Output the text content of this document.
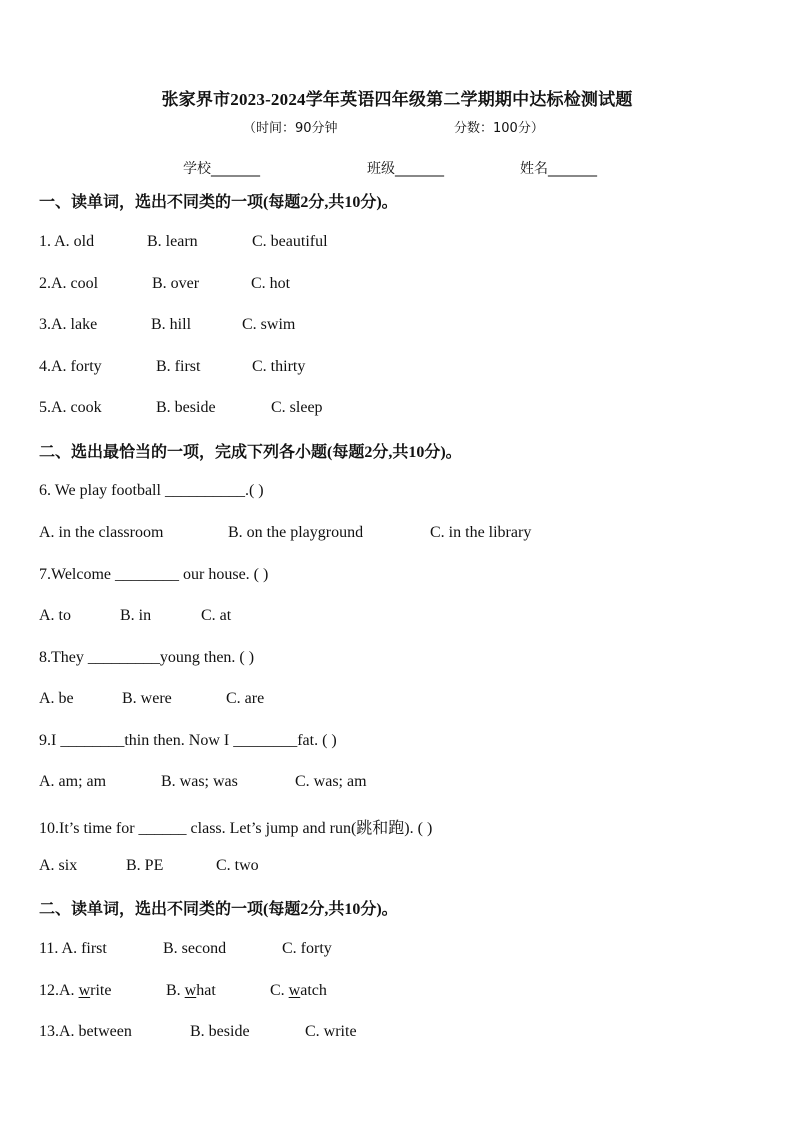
张家界市2023-2024学年英语四年级第二学期期中达标检测试题
（时间：90分钟	分数：100分）
学校_______	班级_______	姓名_______
一、读单词，选出不同类的一项(每题2分,共10分)。
1. A. old	B. learn	C. beautiful
2.A. cool	B. over	C. hot
3.A. lake	B. hill	C. swim
4.A. forty	B. first	C. thirty
5.A. cook	B. beside	C. sleep
二、选出最恰当的一项，完成下列各小题(每题2分,共10分)。
6. We play football __________.( )
A. in the classroom	B. on the playground	C. in the library
7.Welcome ________ our house. ( )
A. to	B. in	C. at
8.They _________young then. ( )
A. be	B. were	C. are
9.I ________thin then. Now I ________fat. ( )
A. am; am	B. was; was	C. was; am
10.It’s time for ______ class. Let’s jump and run(跳和跑). ( )
A. six	B. PE	C. two
二、读单词，选出不同类的一项(每题2分,共10分)。
11. A. first	B. second	C. forty
12.A. write	B. what	C. watch
13.A. between	B. beside	C. write
